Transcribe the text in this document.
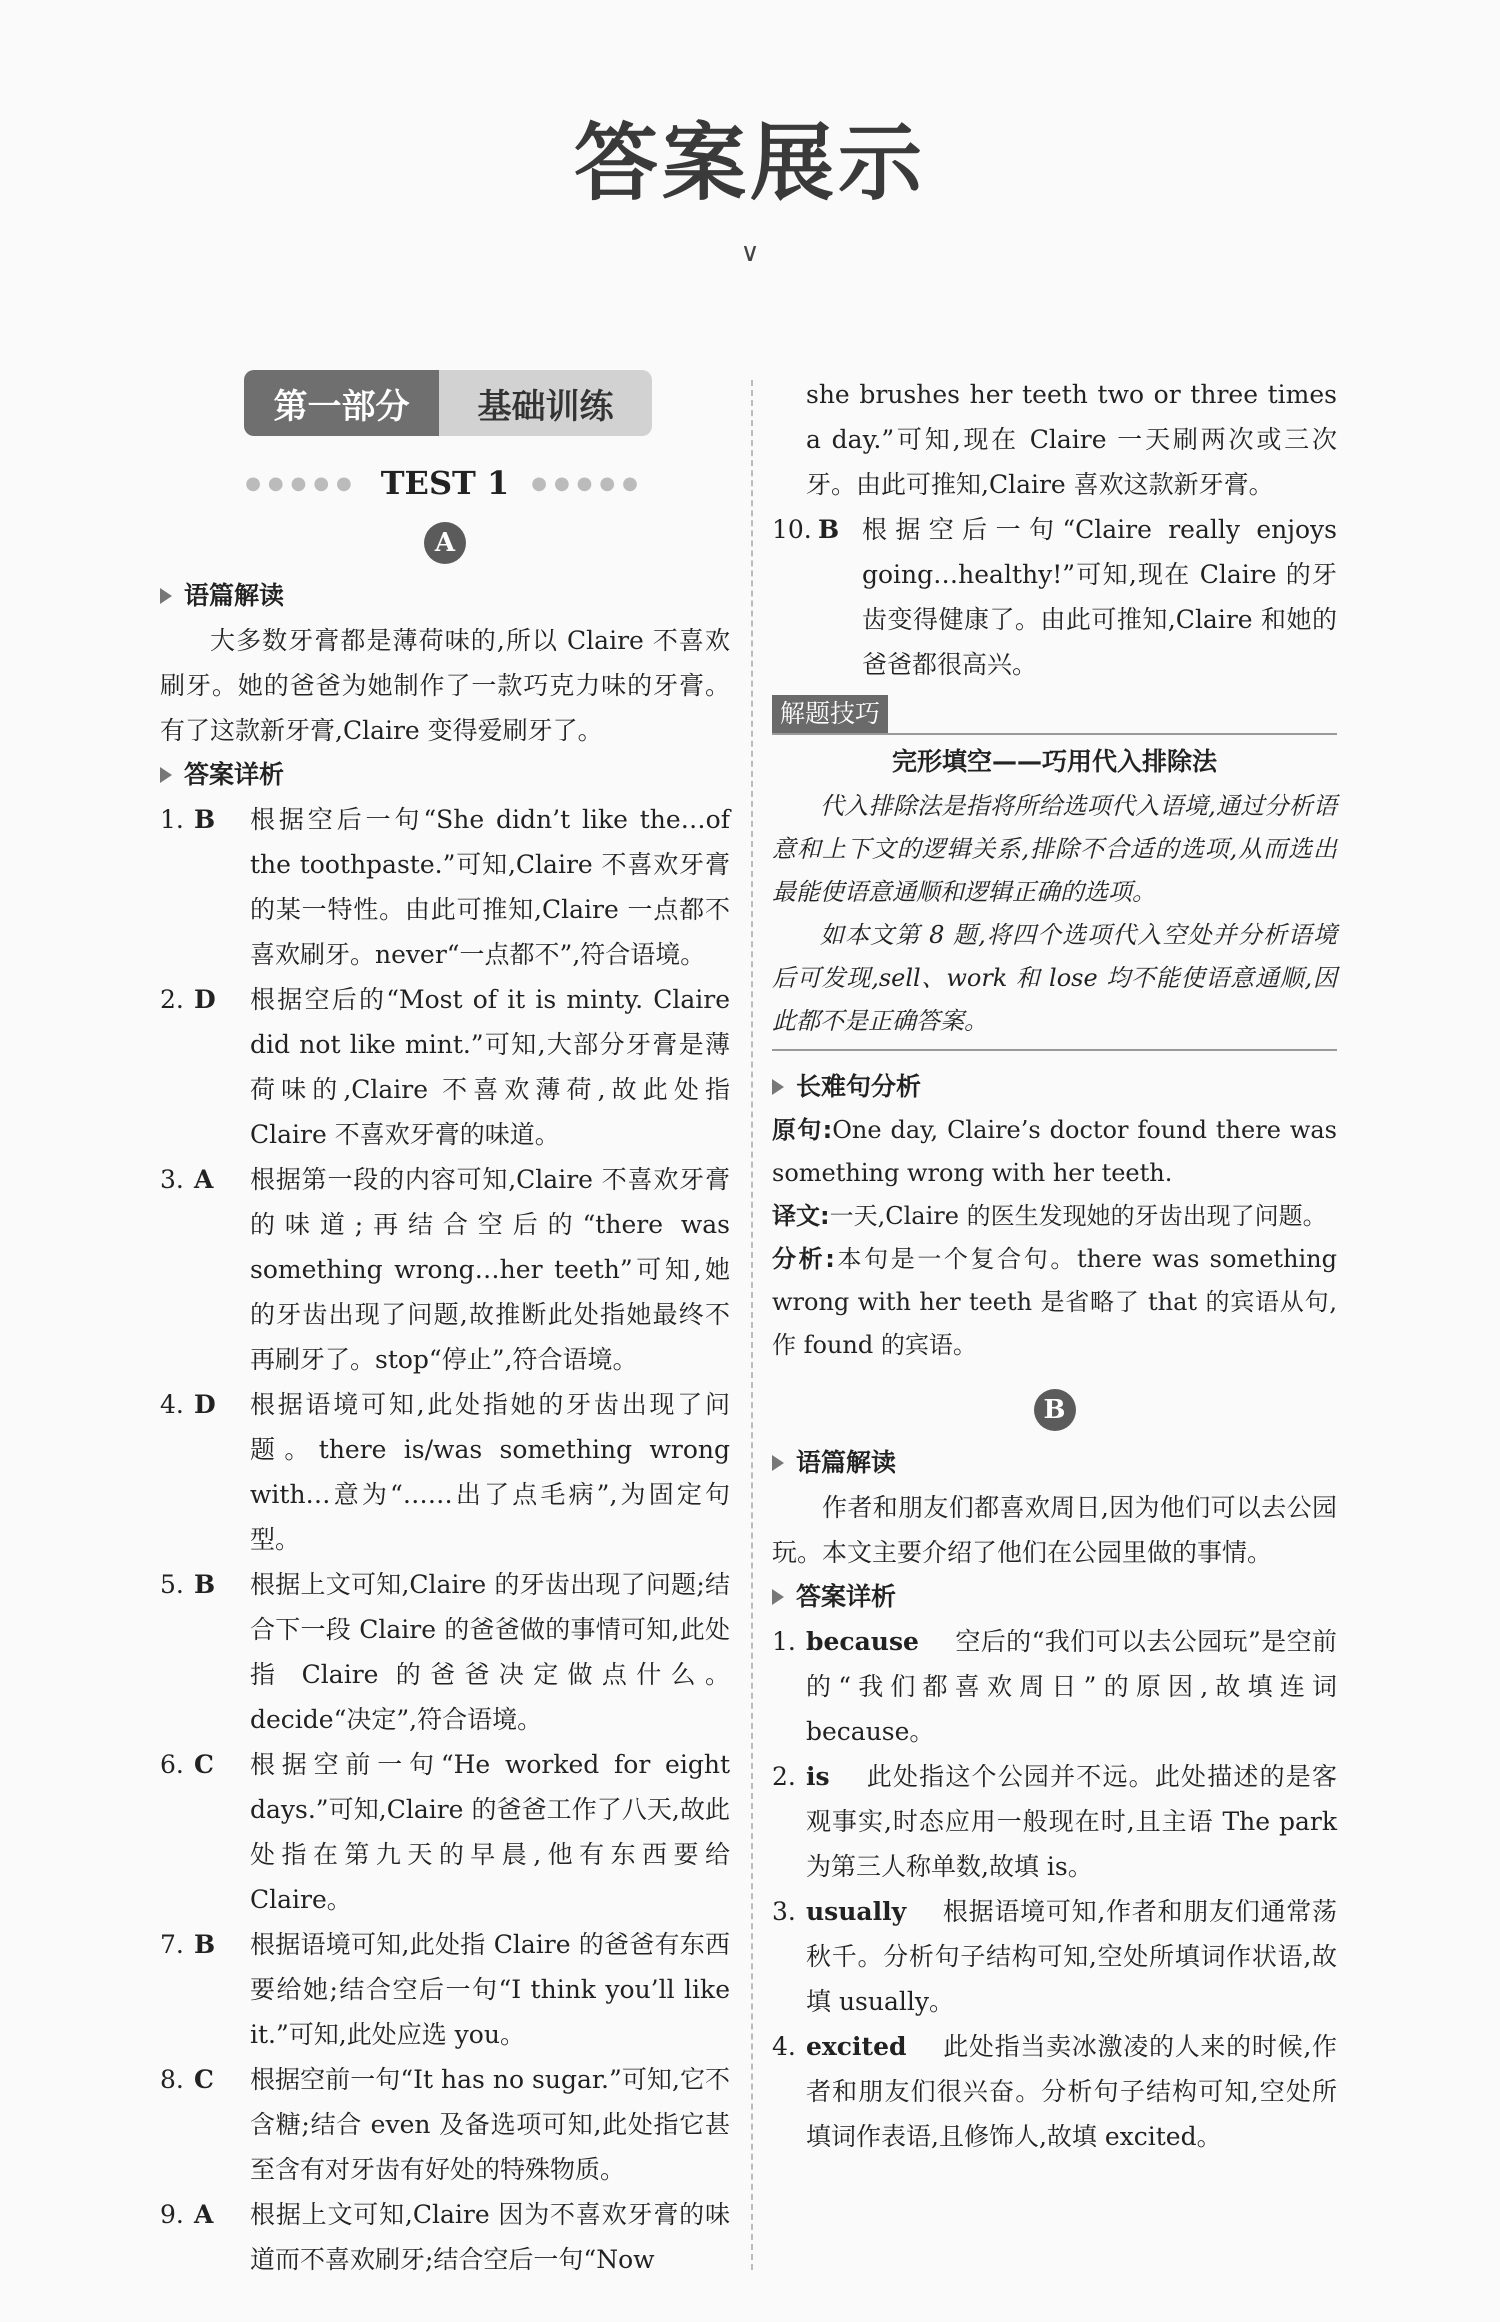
答案展示
∨
第一部分	基础训练
●●●●● TEST 1 ●●●●●
A
语篇解读

大多数牙膏都是薄荷味的,所以 Claire 不喜欢刷牙。她的爸爸为她制作了一款巧克力味的牙膏。有了这款新牙膏,Claire 变得爱刷牙了。

答案详析
1. B	根据空后一句“She didn’t like the…of the toothpaste.”可知,Claire 不喜欢牙膏的某一特性。由此可推知,Claire 一点都不喜欢刷牙。never“一点都不”,符合语境。
2. D	根据空后的“Most of it is minty. Claire did not like mint.”可知,大部分牙膏是薄荷味的,Claire 不喜欢薄荷,故此处指 Claire 不喜欢牙膏的味道。
3. A	根据第一段的内容可知,Claire 不喜欢牙膏的味道;再结合空后的“there was something wrong…her teeth”可知,她的牙齿出现了问题,故推断此处指她最终不再刷牙了。stop“停止”,符合语境。
4. D	根据语境可知,此处指她的牙齿出现了问题。there is/was something wrong with…意为“……出了点毛病”,为固定句型。
5. B	根据上文可知,Claire 的牙齿出现了问题;结合下一段 Claire 的爸爸做的事情可知,此处指 Claire 的爸爸决定做点什么。decide“决定”,符合语境。
6. C	根据空前一句“He worked for eight days.”可知,Claire 的爸爸工作了八天,故此处指在第九天的早晨,他有东西要给 Claire。
7. B	根据语境可知,此处指 Claire 的爸爸有东西要给她;结合空后一句“I think you’ll like it.”可知,此处应选 you。
8. C	根据空前一句“It has no sugar.”可知,它不含糖;结合 even 及备选项可知,此处指它甚至含有对牙齿有好处的特殊物质。
9. A	根据上文可知,Claire 因为不喜欢牙膏的味道而不喜欢刷牙;结合空后一句“Now

she brushes her teeth two or three times a day.”可知,现在 Claire 一天刷两次或三次牙。由此可推知,Claire 喜欢这款新牙膏。

10. B 根据空后一句“Claire really enjoys going…healthy!”可知,现在 Claire 的牙齿变得健康了。由此可推知,Claire 和她的爸爸都很高兴。
解题技巧
完形填空——巧用代入排除法

代入排除法是指将所给选项代入语境,通过分析语意和上下文的逻辑关系,排除不合适的选项,从而选出最能使语意通顺和逻辑正确的选项。

如本文第 8 题,将四个选项代入空处并分析语境后可发现,sell、work 和 lose 均不能使语意通顺,因此都不是正确答案。

长难句分析

原句:One day, Claire’s doctor found there was something wrong with her teeth.

译文:一天,Claire 的医生发现她的牙齿出现了问题。

分析:本句是一个复合句。there was something wrong with her teeth 是省略了 that 的宾语从句,作 found 的宾语。

B
语篇解读

作者和朋友们都喜欢周日,因为他们可以去公园玩。本文主要介绍了他们在公园里做的事情。

答案详析
1. because 空后的“我们可以去公园玩”是空前的“我们都喜欢周日”的原因,故填连词 because。
2. is 此处指这个公园并不远。此处描述的是客观事实,时态应用一般现在时,且主语 The park 为第三人称单数,故填 is。
3. usually 根据语境可知,作者和朋友们通常荡秋千。分析句子结构可知,空处所填词作状语,故填 usually。
4. excited 此处指当卖冰激凌的人来的时候,作者和朋友们很兴奋。分析句子结构可知,空处所填词作表语,且修饰人,故填 excited。
